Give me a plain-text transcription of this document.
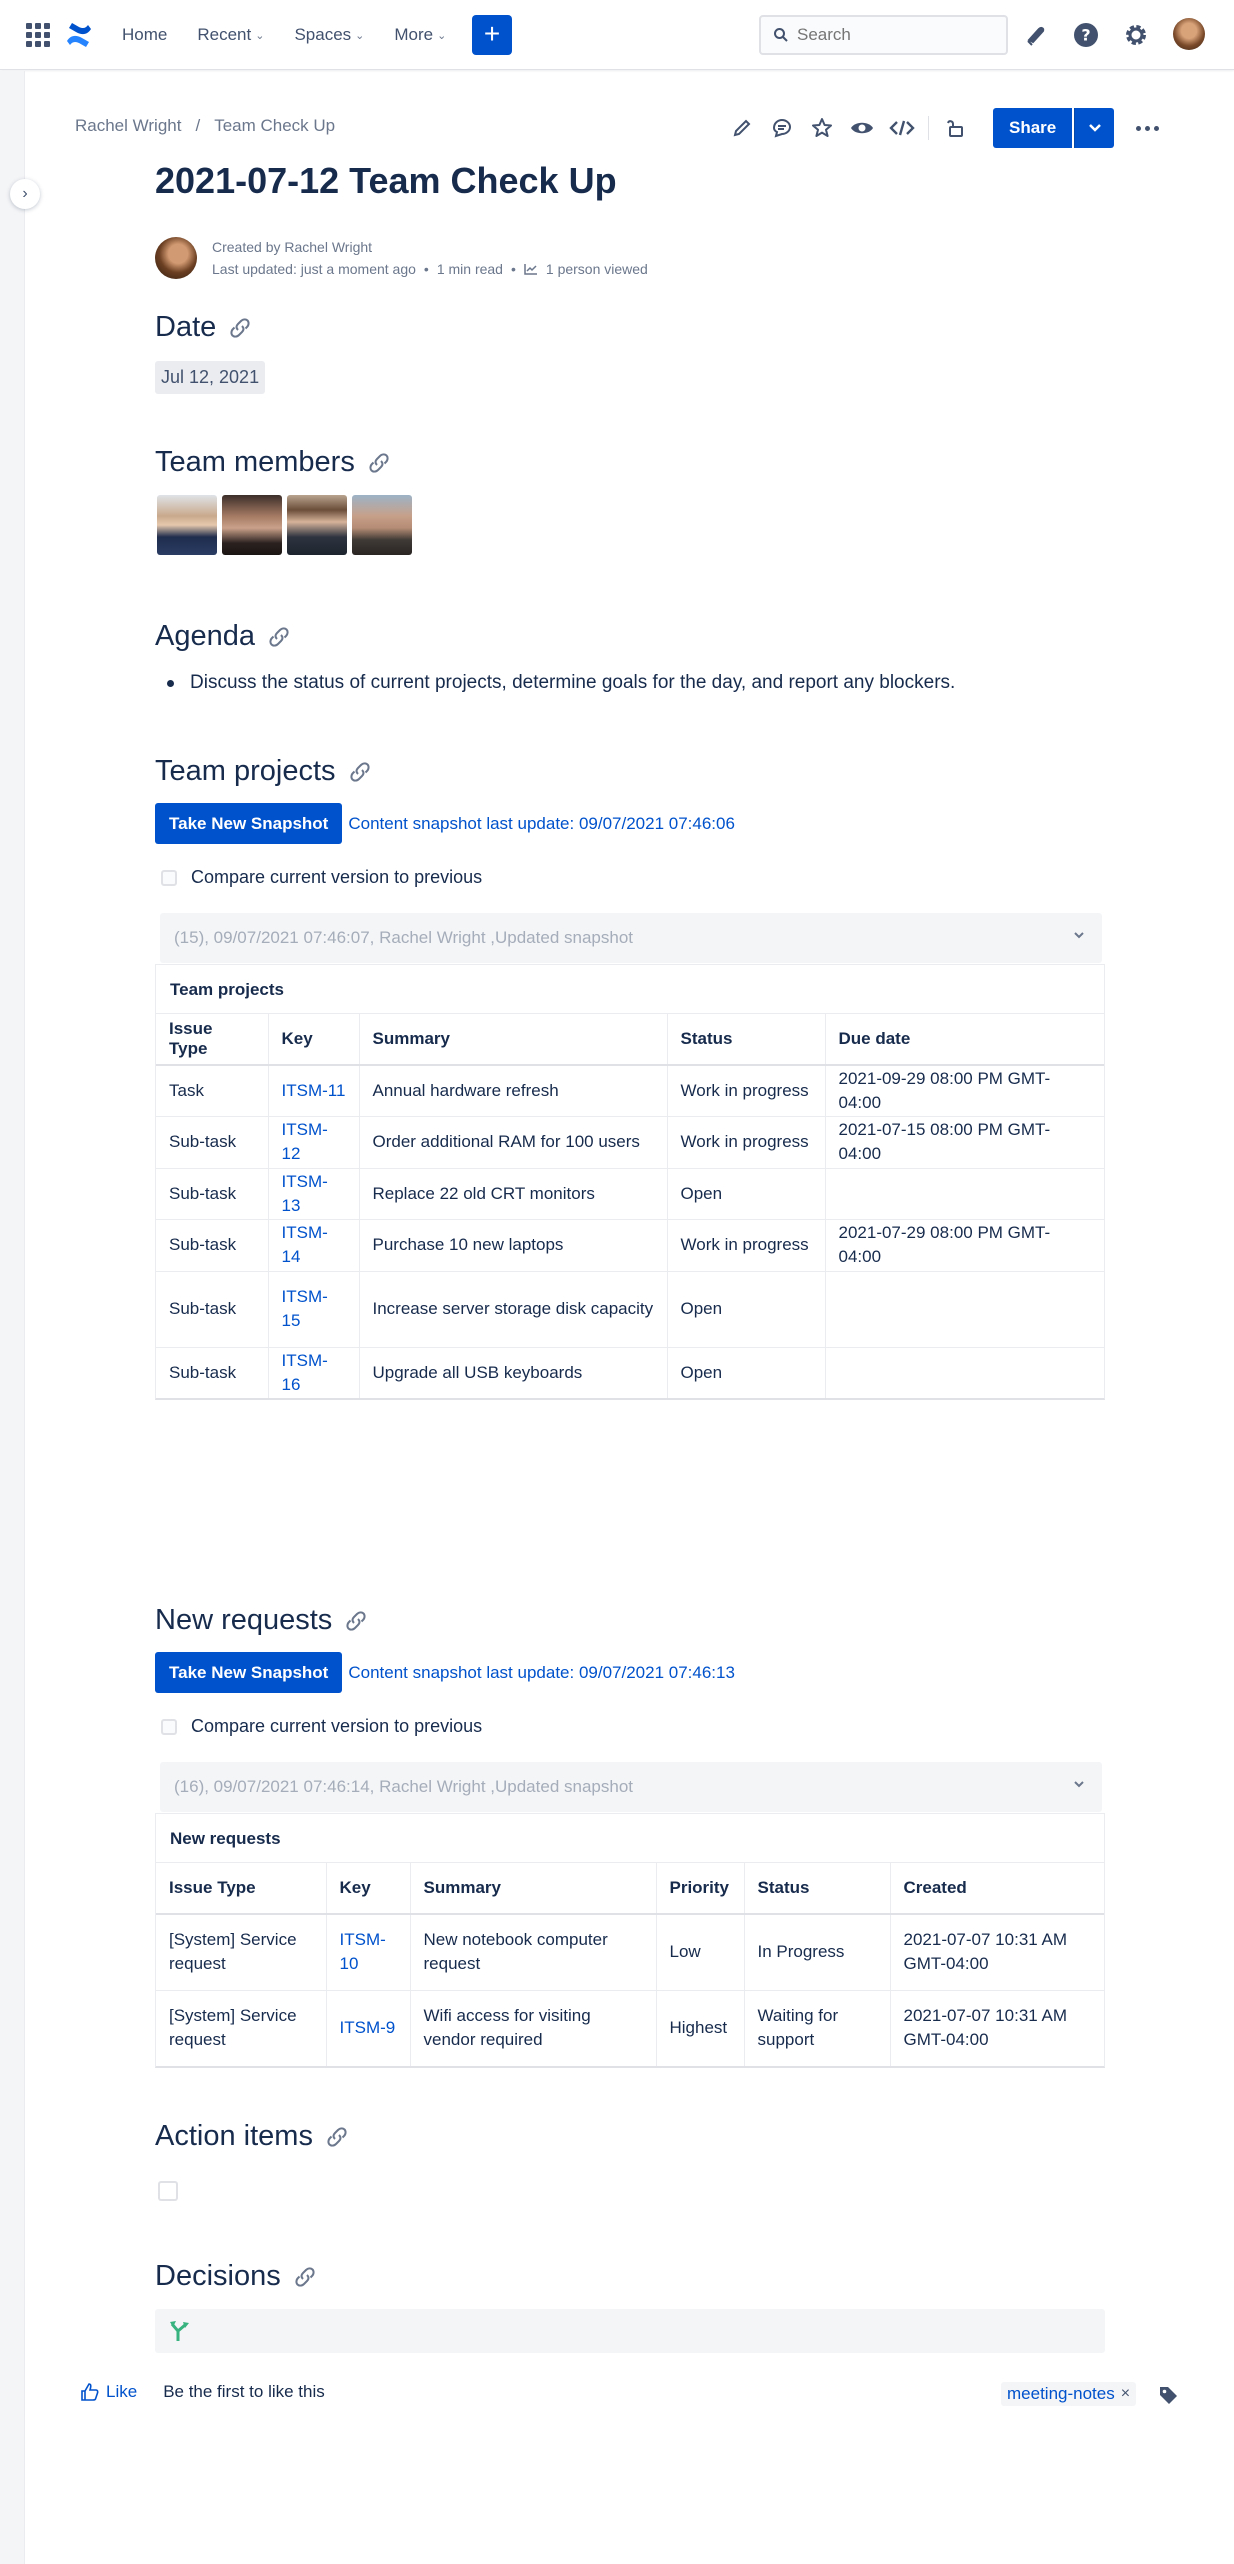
Home Recent ⌄ Spaces ⌄ More ⌄	+
Search	?
›
Rachel Wright / Team Check Up	Share
2021-07-12 Team Check Up
Created by Rachel Wright
Last updated: just a moment ago • 1 min read • 1 person viewed
Date
Jul 12, 2021
Team members
Agenda
Discuss the status of current projects, determine goals for the day, and report any blockers.
Team projects
Take New Snapshot	Content snapshot last update: 09/07/2021 07:46:06
Compare current version to previous
(15), 09/07/2021 07:46:07, Rachel Wright ,Updated snapshot
Team projects
Issue Type	Key	Summary	Status	Due date
Task	ITSM-11	Annual hardware refresh	Work in progress	2021-09-29 08:00 PM GMT-04:00
Sub-task	ITSM-12	Order additional RAM for 100 users	Work in progress	2021-07-15 08:00 PM GMT-04:00
Sub-task	ITSM-13	Replace 22 old CRT monitors	Open	
Sub-task	ITSM-14	Purchase 10 new laptops	Work in progress	2021-07-29 08:00 PM GMT-04:00
Sub-task	ITSM-15	Increase server storage disk capacity	Open	
Sub-task	ITSM-16	Upgrade all USB keyboards	Open	
New requests
Take New Snapshot	Content snapshot last update: 09/07/2021 07:46:13
Compare current version to previous
(16), 09/07/2021 07:46:14, Rachel Wright ,Updated snapshot
New requests
Issue Type	Key	Summary	Priority	Status	Created
[System] Service request	ITSM-10	New notebook computer request	Low	In Progress	2021-07-07 10:31 AM GMT-04:00
[System] Service request	ITSM-9	Wifi access for visiting vendor required	Highest	Waiting for support	2021-07-07 10:31 AM GMT-04:00
Action items
Decisions
Like Be the first to like this	meeting-notes ×
